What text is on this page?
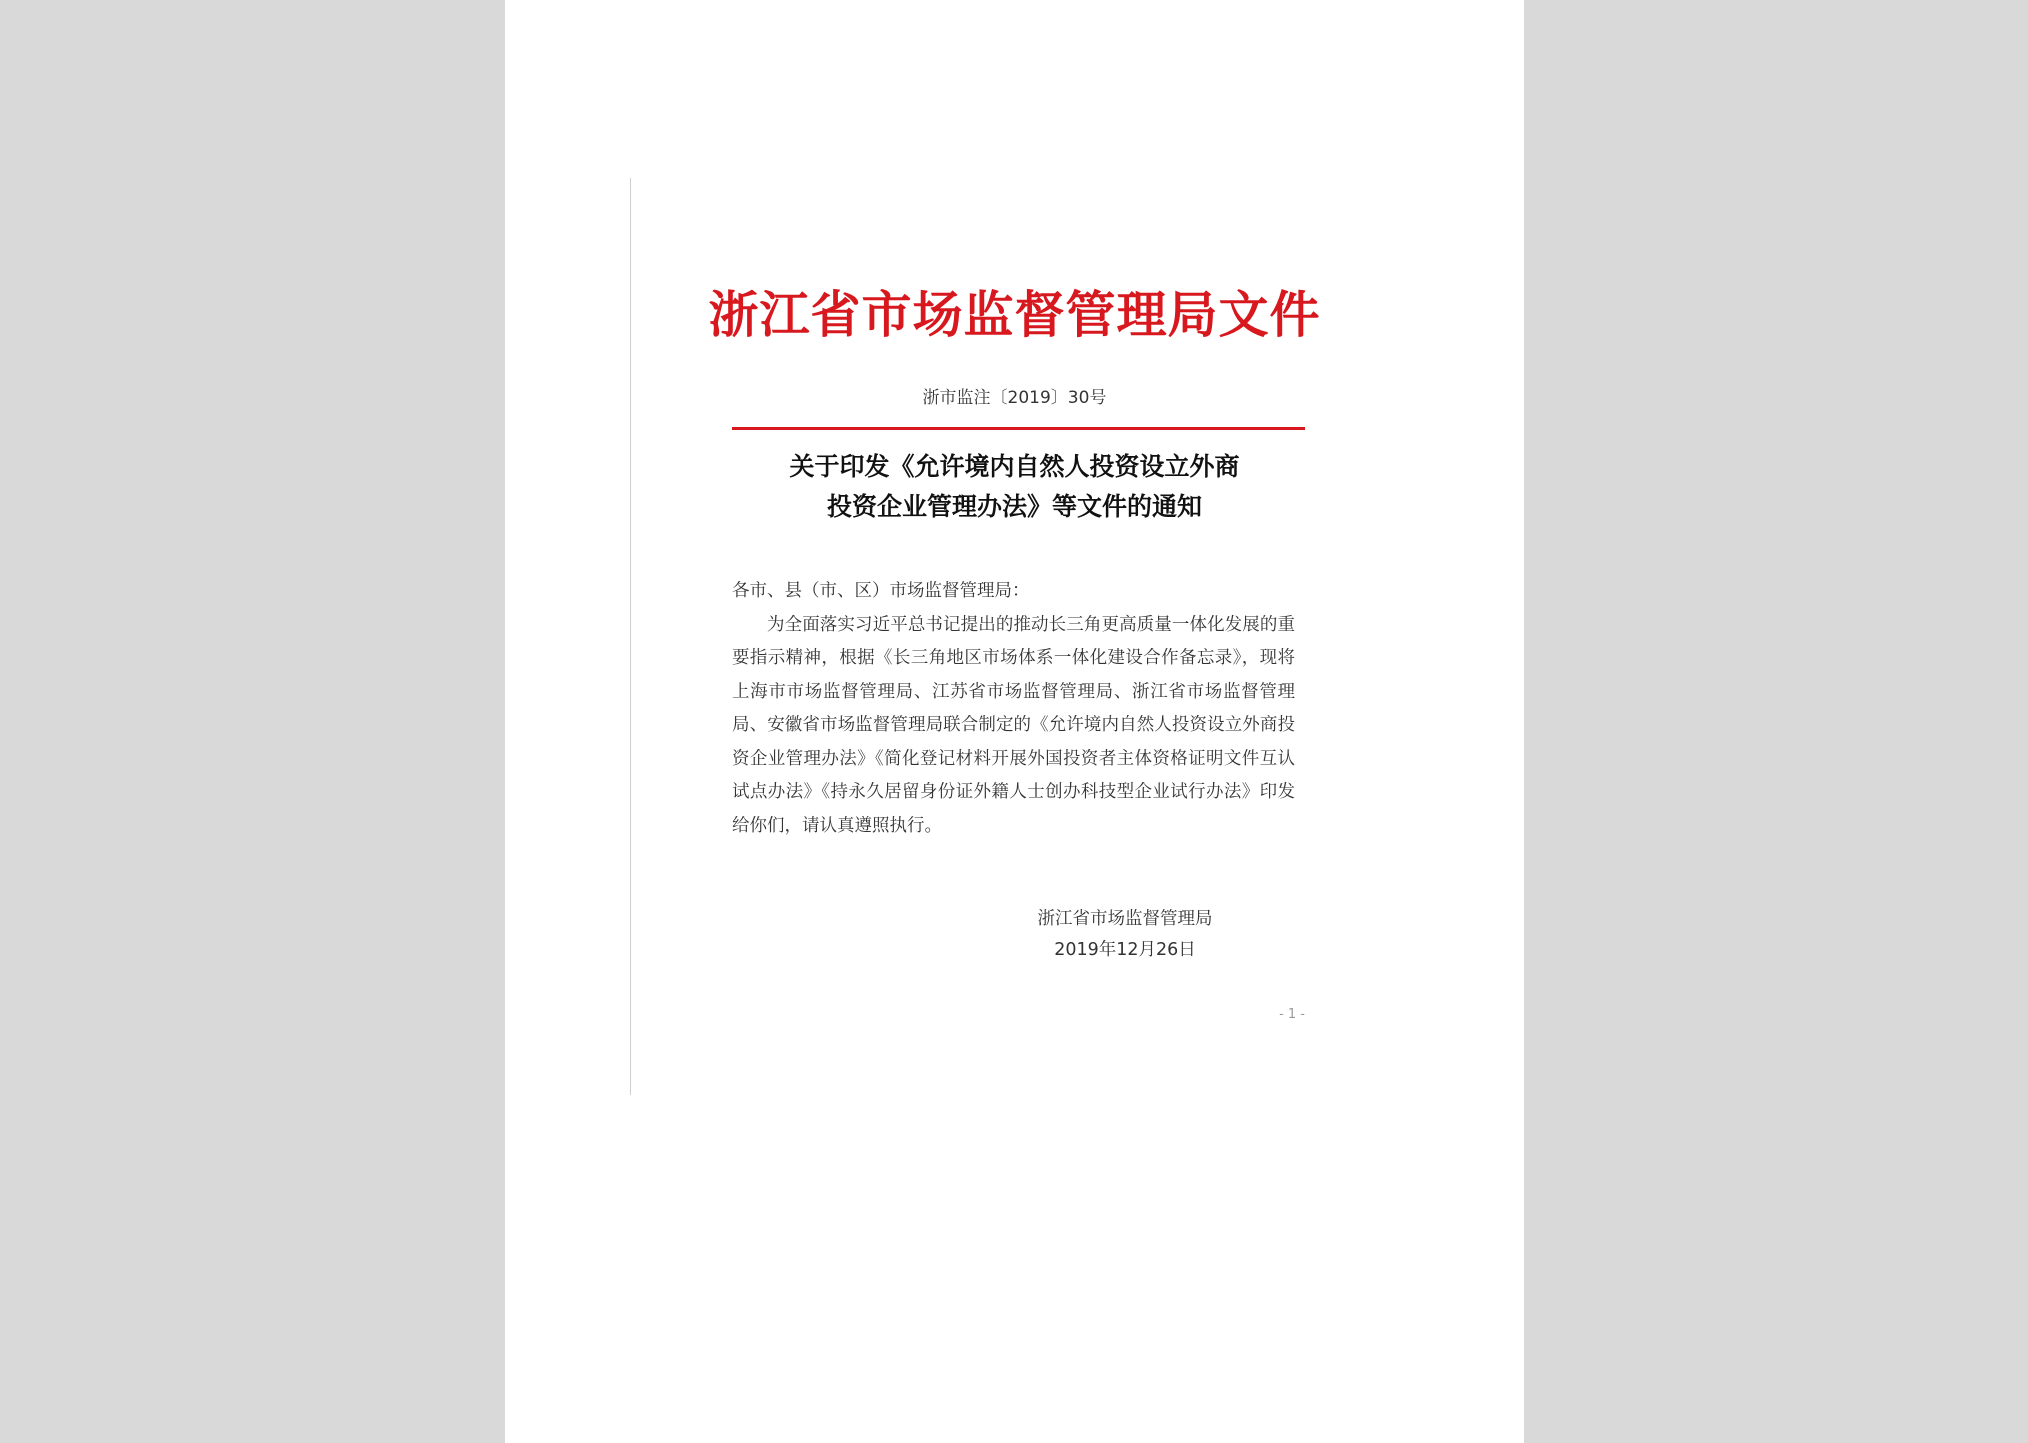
浙江省市场监督管理局文件
浙市监注〔2019〕30号
关于印发《允许境内自然人投资设立外商
投资企业管理办法》等文件的通知

各市、县（市、区）市场监督管理局：

为全面落实习近平总书记提出的推动长三角更高质量一体化发展的重要指示精神，根据《长三角地区市场体系一体化建设合作备忘录》，现将上海市市场监督管理局、江苏省市场监督管理局、浙江省市场监督管理局、安徽省市场监督管理局联合制定的《允许境内自然人投资设立外商投资企业管理办法》《简化登记材料开展外国投资者主体资格证明文件互认试点办法》《持永久居留身份证外籍人士创办科技型企业试行办法》印发给你们，请认真遵照执行。

浙江省市场监督管理局
2019年12月26日
- 1 -
